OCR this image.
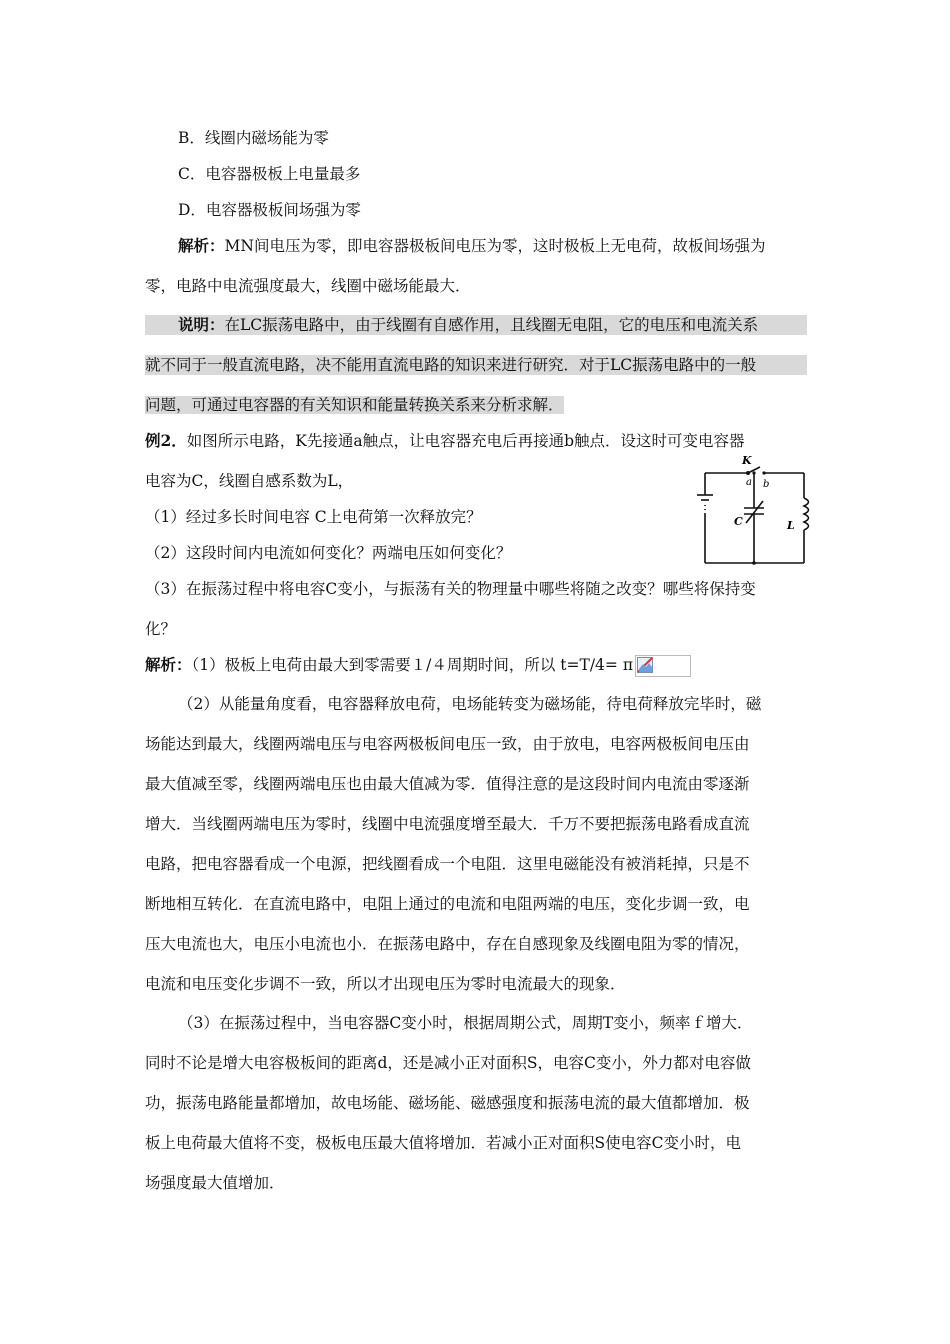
B．线圈内磁场能为零
C．电容器极板上电量最多
D．电容器极板间场强为零
解析：MN间电压为零，即电容器极板间电压为零，这时极板上无电荷，故板间场强为
零，电路中电流强度最大，线圈中磁场能最大．
说明：在LC振荡电路中，由于线圈有自感作用，且线圈无电阻，它的电压和电流关系
就不同于一般直流电路，决不能用直流电路的知识来进行研究．对于LC振荡电路中的一般
问题，可通过电容器的有关知识和能量转换关系来分析求解．
例2．如图所示电路，K先接通a触点，让电容器充电后再接通b触点．设这时可变电容器
电容为C，线圈自感系数为L，
（1）经过多长时间电容 C上电荷第一次释放完？
（2）这段时间内电流如何变化？两端电压如何变化？
（3）在振荡过程中将电容C变小，与振荡有关的物理量中哪些将随之改变？哪些将保持变
化？
K
a b
C	L
解析：（1）极板上电荷由最大到零需要１/４周期时间，所以 t=T/4= π
（2）从能量角度看，电容器释放电荷，电场能转变为磁场能，待电荷释放完毕时，磁
场能达到最大，线圈两端电压与电容两极板间电压一致，由于放电，电容两极板间电压由
最大值减至零，线圈两端电压也由最大值减为零．值得注意的是这段时间内电流由零逐渐
增大．当线圈两端电压为零时，线圈中电流强度增至最大．千万不要把振荡电路看成直流
电路，把电容器看成一个电源，把线圈看成一个电阻．这里电磁能没有被消耗掉，只是不
断地相互转化．在直流电路中，电阻上通过的电流和电阻两端的电压，变化步调一致，电
压大电流也大，电压小电流也小．在振荡电路中，存在自感现象及线圈电阻为零的情况，
电流和电压变化步调不一致，所以才出现电压为零时电流最大的现象．
（3）在振荡过程中，当电容器C变小时，根据周期公式，周期T变小，频率ｆ增大．
同时不论是增大电容极板间的距离d，还是减小正对面积S，电容C变小，外力都对电容做
功，振荡电路能量都增加，故电场能、磁场能、磁感强度和振荡电流的最大值都增加．极
板上电荷最大值将不变，极板电压最大值将增加．若减小正对面积S使电容C变小时，电
场强度最大值增加．
